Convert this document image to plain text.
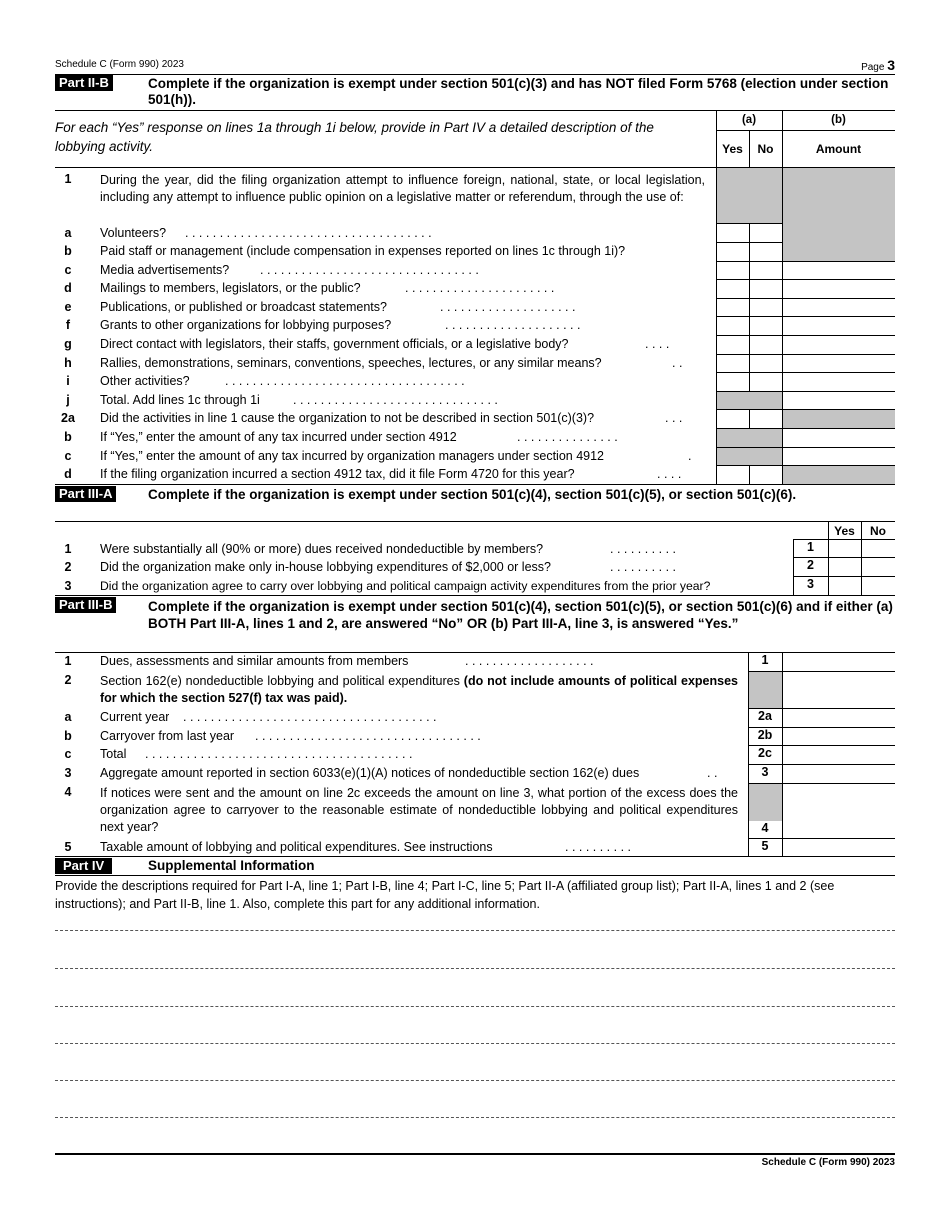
Schedule C (Form 990) 2023	Page 3
Part II-B	Complete if the organization is exempt under section 501(c)(3) and has NOT filed Form 5768 (election under section 501(h)).
For each “Yes” response on lines 1a through 1i below, provide in Part IV a detailed description of the lobbying activity.
(a)	(b)
Yes	No	Amount
1	During the year, did the filing organization attempt to influence foreign, national, state, or local legislation, including any attempt to influence public opinion on a legislative matter or referendum, through the use of:
a	Volunteers? . . . . . . . . . . . . . . . . . . . . . . . . . . . . . . . . . . . .
b	Paid staff or management (include compensation in expenses reported on lines 1c through 1i)?
c	Media advertisements? . . . . . . . . . . . . . . . . . . . . . . . . . . . . . . . .
d	Mailings to members, legislators, or the public?	. . . . . . . . . . . . . . . . . . . . . .
e	Publications, or published or broadcast statements?	. . . . . . . . . . . . . . . . . . . .
f	Grants to other organizations for lobbying purposes?	. . . . . . . . . . . . . . . . . . . .
g	Direct contact with legislators, their staffs, government officials, or a legislative body?	. . . .
h	Rallies, demonstrations, seminars, conventions, speeches, lectures, or any similar means?	. .
i	Other activities?	. . . . . . . . . . . . . . . . . . . . . . . . . . . . . . . . . . .
j	Total. Add lines 1c through 1i	. . . . . . . . . . . . . . . . . . . . . . . . . . . . . .
2a	Did the activities in line 1 cause the organization to not be described in section 501(c)(3)?	. . .
b	If “Yes,” enter the amount of any tax incurred under section 4912	. . . . . . . . . . . . . . .
c	If “Yes,” enter the amount of any tax incurred by organization managers under section 4912	.
d	If the filing organization incurred a section 4912 tax, did it file Form 4720 for this year?	. . . .
Part III-A	Complete if the organization is exempt under section 501(c)(4), section 501(c)(5), or section 501(c)(6).
Yes	No
1	Were substantially all (90% or more) dues received nondeductible by members?	. . . . . . . . . .	1
2	Did the organization make only in-house lobbying expenditures of $2,000 or less?	. . . . . . . . . .	2
3	Did the organization agree to carry over lobbying and political campaign activity expenditures from the prior year?	3
Part III-B	Complete if the organization is exempt under section 501(c)(4), section 501(c)(5), or section 501(c)(6) and if either (a) BOTH Part III-A, lines 1 and 2, are answered “No” OR (b) Part III-A, line 3, is answered “Yes.”
1	Dues, assessments and similar amounts from members	. . . . . . . . . . . . . . . . . . .	1
2	Section 162(e) nondeductible lobbying and political expenditures (do not include amounts of political expenses for which the section 527(f) tax was paid).
a	Current year . . . . . . . . . . . . . . . . . . . . . . . . . . . . . . . . . . . . .	2a
b	Carryover from last year . . . . . . . . . . . . . . . . . . . . . . . . . . . . . . . . .	2b
c	Total . . . . . . . . . . . . . . . . . . . . . . . . . . . . . . . . . . . . . . .	2c
3	Aggregate amount reported in section 6033(e)(1)(A) notices of nondeductible section 162(e) dues	. .	3
4	If notices were sent and the amount on line 2c exceeds the amount on line 3, what portion of the excess does the organization agree to carryover to the reasonable estimate of nondeductible lobbying and political expenditures next year?	4
5	Taxable amount of lobbying and political expenditures. See instructions	. . . . . . . . . .	5
Part IV	Supplemental Information
Provide the descriptions required for Part I-A, line 1; Part I-B, line 4; Part I-C, line 5; Part II-A (affiliated group list); Part II-A, lines 1 and 2 (see instructions); and Part II-B, line 1. Also, complete this part for any additional information.
Schedule C (Form 990) 2023
